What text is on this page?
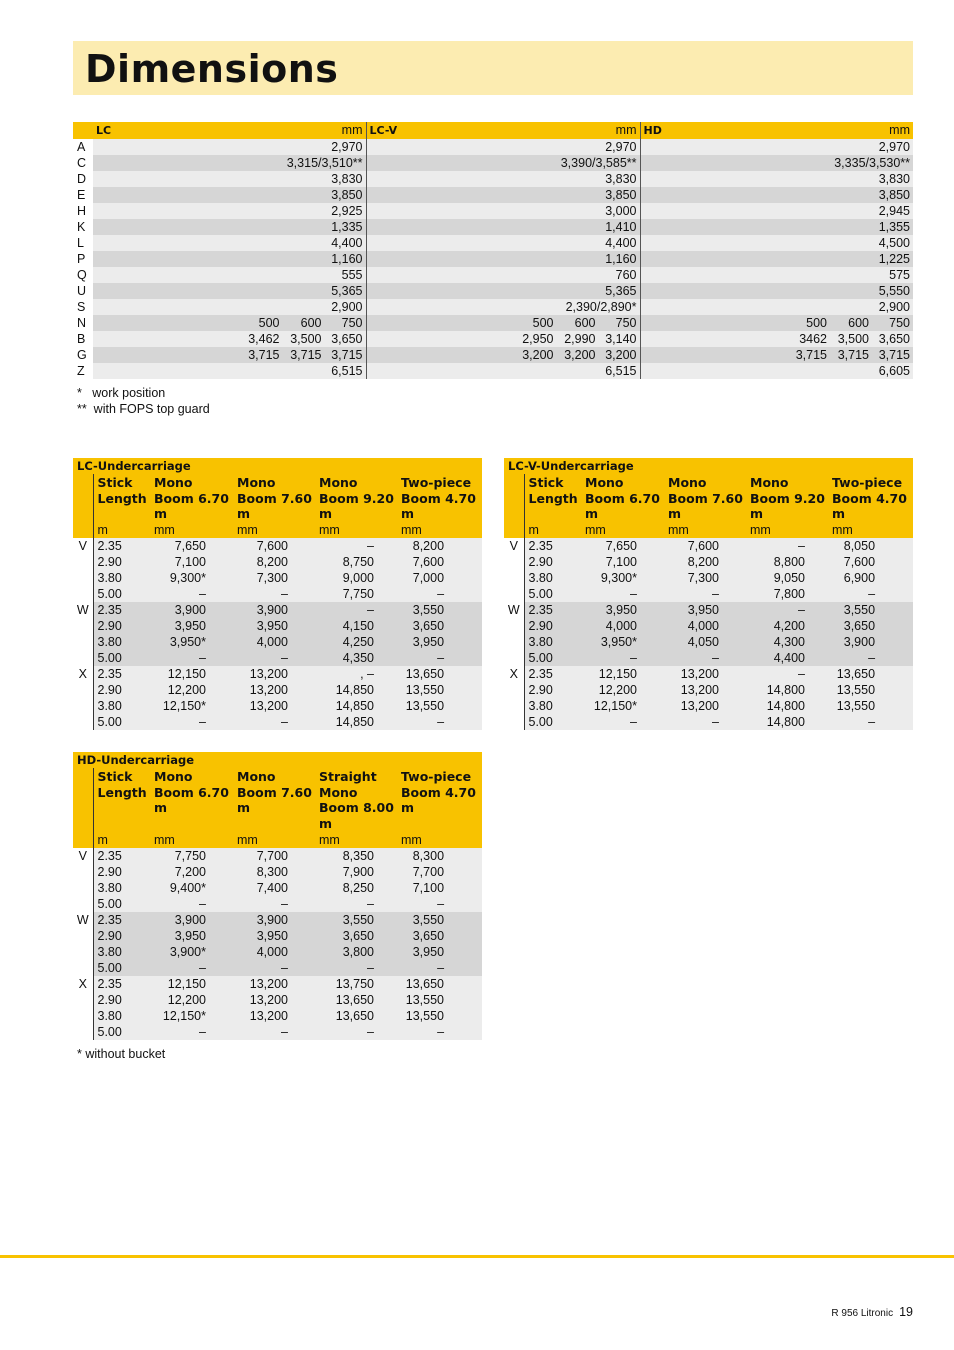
Dimensions
	LC mm	LC-V mm	HD mm

A	2,970	2,970	2,970
C	3,315/3,510**	3,390/3,585**	3,335/3,530**
D	3,830	3,830	3,830
E	3,850	3,850	3,850
H	2,925	3,000	2,945
K	1,335	1,410	1,355
L	4,400	4,400	4,500
P	1,160	1,160	1,225
Q	555	760	575
U	5,365	5,365	5,550
S	2,900	2,390/2,890*	2,900
N	500 600 750	500 600 750	500 600 750

B	3,462 3,500 3,650	2,950 2,990 3,140	3462 3,500 3,650

G	3,715 3,715 3,715	3,200 3,200 3,200	3,715 3,715 3,715

Z	6,515	6,515	6,605
*   work position
**  with FOPS top guard
LC-Undercarriage					
	Stick Length	Mono Boom 6.70 m	Mono Boom 7.60 m	Mono Boom 9.20 m	Two-piece Boom 4.70 m
	m	mm	mm	mm	mm
V	2.35	7,650	7,600	–	8,200
	2.90	7,100	8,200	8,750	7,600
	3.80	9,300*	7,300	9,000	7,000
	5.00	–	–	7,750	–
W	2.35	3,900	3,900	–	3,550
	2.90	3,950	3,950	4,150	3,650
	3.80	3,950*	4,000	4,250	3,950
	5.00	–	–	4,350	–
X	2.35	12,150	13,200	, –	13,650
	2.90	12,200	13,200	14,850	13,550
	3.80	12,150*	13,200	14,850	13,550
	5.00	–	–	14,850	–
LC-V-Undercarriage					
	Stick Length	Mono Boom 6.70 m	Mono Boom 7.60 m	Mono Boom 9.20 m	Two-piece Boom 4.70 m
	m	mm	mm	mm	mm
V	2.35	7,650	7,600	–	8,050
	2.90	7,100	8,200	8,800	7,600
	3.80	9,300*	7,300	9,050	6,900
	5.00	–	–	7,800	–
W	2.35	3,950	3,950	–	3,550
	2.90	4,000	4,000	4,200	3,650
	3.80	3,950*	4,050	4,300	3,900
	5.00	–	–	4,400	–
X	2.35	12,150	13,200	–	13,650
	2.90	12,200	13,200	14,800	13,550
	3.80	12,150*	13,200	14,800	13,550
	5.00	–	–	14,800	–
HD-Undercarriage					
	Stick Length	Mono Boom 6.70 m	Mono Boom 7.60 m	Straight Mono Boom 8.00 m	Two-piece Boom 4.70 m
	m	mm	mm	mm	mm
V	2.35	7,750	7,700	8,350	8,300
	2.90	7,200	8,300	7,900	7,700
	3.80	9,400*	7,400	8,250	7,100
	5.00	–	–	–	–
W	2.35	3,900	3,900	3,550	3,550
	2.90	3,950	3,950	3,650	3,650
	3.80	3,900*	4,000	3,800	3,950
	5.00	–	–	–	–
X	2.35	12,150	13,200	13,750	13,650
	2.90	12,200	13,200	13,650	13,550
	3.80	12,150*	13,200	13,650	13,550
	5.00	–	–	–	–
* without bucket
R 956 Litronic 19
